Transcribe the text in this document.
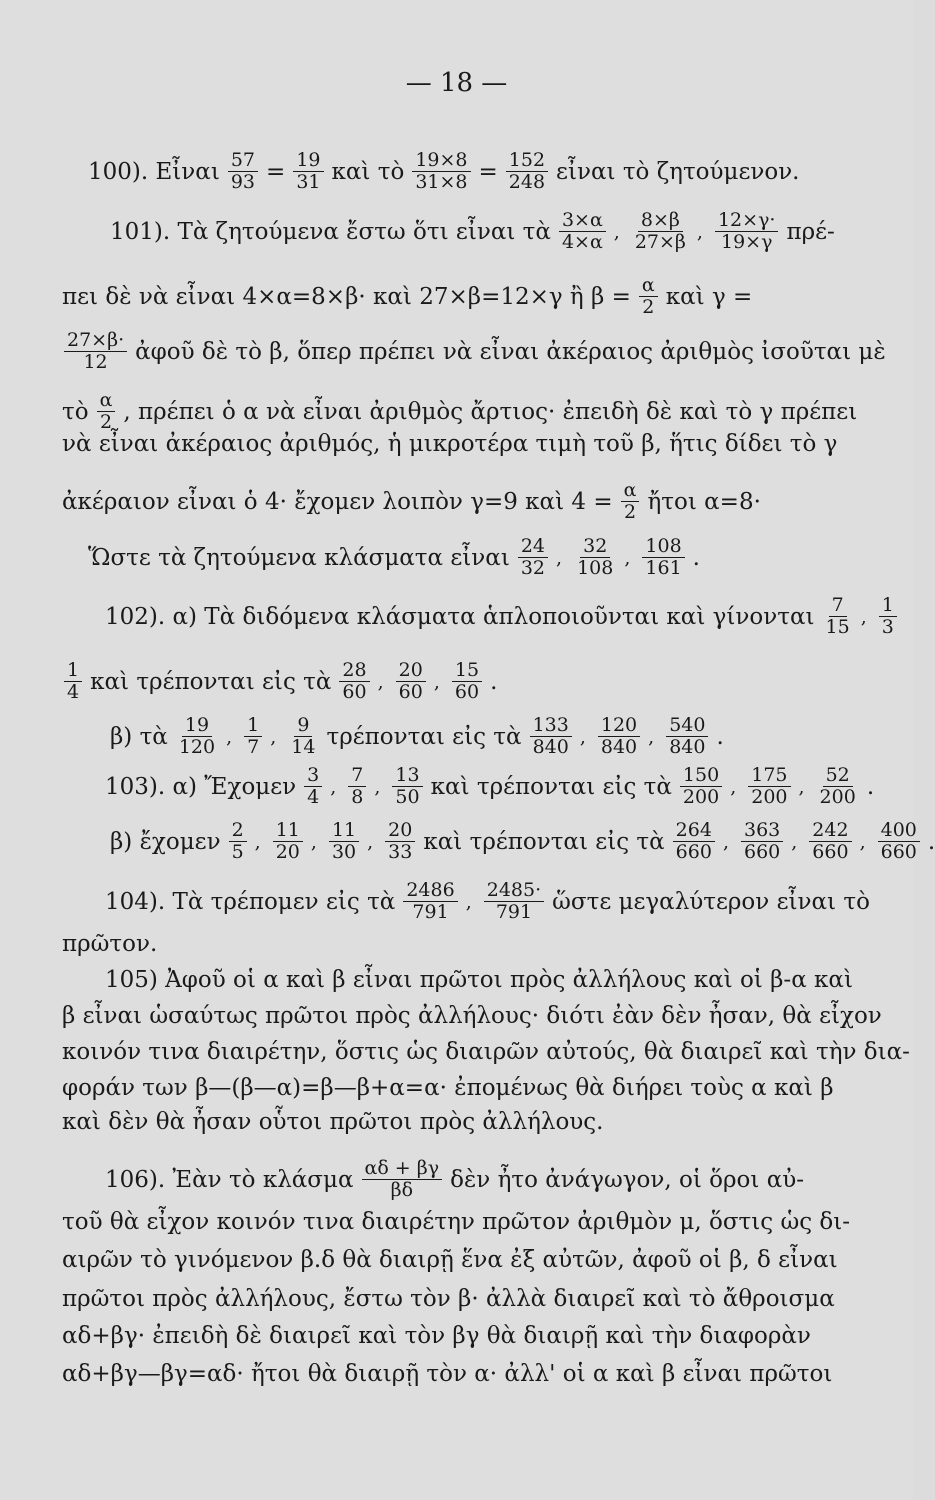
— 18 —
100). Εἶναι $\frac{57}{93} = \frac{19}{31}$ καὶ τὸ $\frac{19\times 8}{31\times 8} = \frac{152}{248}$ εἶναι τὸ ζητούμενον.
101). Τὰ ζητούμενα ἔστω ὅτι εἶναι τὰ $\frac{3\times\alpha}{4\times\alpha}$ , $\frac{8\times\beta}{27\times\beta}$ , $\frac{12\times\gamma\cdot}{19\times\gamma} \pi\rho έ-$
πει δὲ νὰ εἶναι 4×α=8×β· καὶ 27×β=12×γ ἢ $\beta = \frac{\alpha}{2}$ καὶ γ =
$\frac{27\times\beta\cdot}{12}$ ἀφοῦ δὲ τὸ β, ὅπερ πρέπει νὰ εἶναι ἀκέραιος ἀριθμὸς ἰσοῦται μὲ
τὸ $\frac{\alpha}{2}$ , πρέπει ὁ α νὰ εἶναι ἀριθμὸς ἄρτιος· ἐπειδὴ δὲ καὶ τὸ γ πρέπει
νὰ εἶναι ἀκέραιος ἀριθμός, ἡ μικροτέρα τιμὴ τοῦ β, ἥτις δίδει τὸ γ
ἀκέραιον εἶναι ὁ 4· ἔχομεν λοιπὸν γ=9 καὶ $4 = \frac{\alpha}{2}$ ἤτοι α=8·
Ὥστε τὰ ζητούμενα κλάσματα εἶναι $\frac{24}{32}$ , $\frac{32}{108}$ , $\frac{108}{161}$ .
102). α) Τὰ διδόμενα κλάσματα ἁπλοποιοῦνται καὶ γίνονται $\frac{7}{15}$ , $\frac{1}{3}$
$\frac{1}{4}$ καὶ τρέπονται εἰς τὰ $\frac{28}{60}$ , $\frac{20}{60}$ , $\frac{15}{60}$ .
β) τὰ $\frac{19}{120}$ , $\frac{1}{7}$ , $\frac{9}{14}$ τρέπονται εἰς τὰ $\frac{133}{840}$ , $\frac{120}{840}$ , $\frac{540}{840}$ .
103). α) Ἔχομεν $\frac{3}{4}$ , $\frac{7}{8}$ , $\frac{13}{50}$ καὶ τρέπονται εἰς τὰ $\frac{150}{200}$ , $\frac{175}{200}$ , $\frac{52}{200}$ .
β) ἔχομεν $\frac{2}{5}$ , $\frac{11}{20}$ , $\frac{11}{30}$ , $\frac{20}{33}$ καὶ τρέπονται εἰς τὰ $\frac{264}{660}$ , $\frac{363}{660}$ , $\frac{242}{660}$ , $\frac{400}{660}$ .
104). Τὰ τρέπομεν εἰς τὰ $\frac{2486}{791}$ , $\frac{2485\cdot}{791}$ ὥστε μεγαλύτερον εἶναι τὸ
πρῶτον.
105) Ἀφοῦ οἱ α καὶ β εἶναι πρῶτοι πρὸς ἀλλήλους καὶ οἱ β-α καὶ
β εἶναι ὡσαύτως πρῶτοι πρὸς ἀλλήλους· διότι ἐὰν δὲν ἦσαν, θὰ εἶχον
κοινόν τινα διαιρέτην, ὅστις ὡς διαιρῶν αὐτούς, θὰ διαιρεῖ καὶ τὴν δια-
φοράν των β—(β—α)=β—β+α=α· ἐπομένως θὰ διήρει τοὺς α καὶ β
καὶ δὲν θὰ ἦσαν οὗτοι πρῶτοι πρὸς ἀλλήλους.
106). Ἐὰν τὸ κλάσμα $\frac{\alpha\delta + \beta\gamma}{\beta\delta}$ δὲν ἦτο ἀνάγωγον, οἱ ὅροι αὐ-
τοῦ θὰ εἶχον κοινόν τινα διαιρέτην πρῶτον ἀριθμὸν μ, ὅστις ὡς δι-
αιρῶν τὸ γινόμενον β.δ θὰ διαιρῇ ἕνα ἐξ αὐτῶν, ἀφοῦ οἱ β, δ εἶναι
πρῶτοι πρὸς ἀλλήλους, ἔστω τὸν β· ἀλλὰ διαιρεῖ καὶ τὸ ἄθροισμα
αδ+βγ· ἐπειδὴ δὲ διαιρεῖ καὶ τὸν βγ θὰ διαιρῇ καὶ τὴν διαφορὰν
αδ+βγ—βγ=αδ· ἤτοι θὰ διαιρῇ τὸν α· ἀλλ' οἱ α καὶ β εἶναι πρῶτοι
